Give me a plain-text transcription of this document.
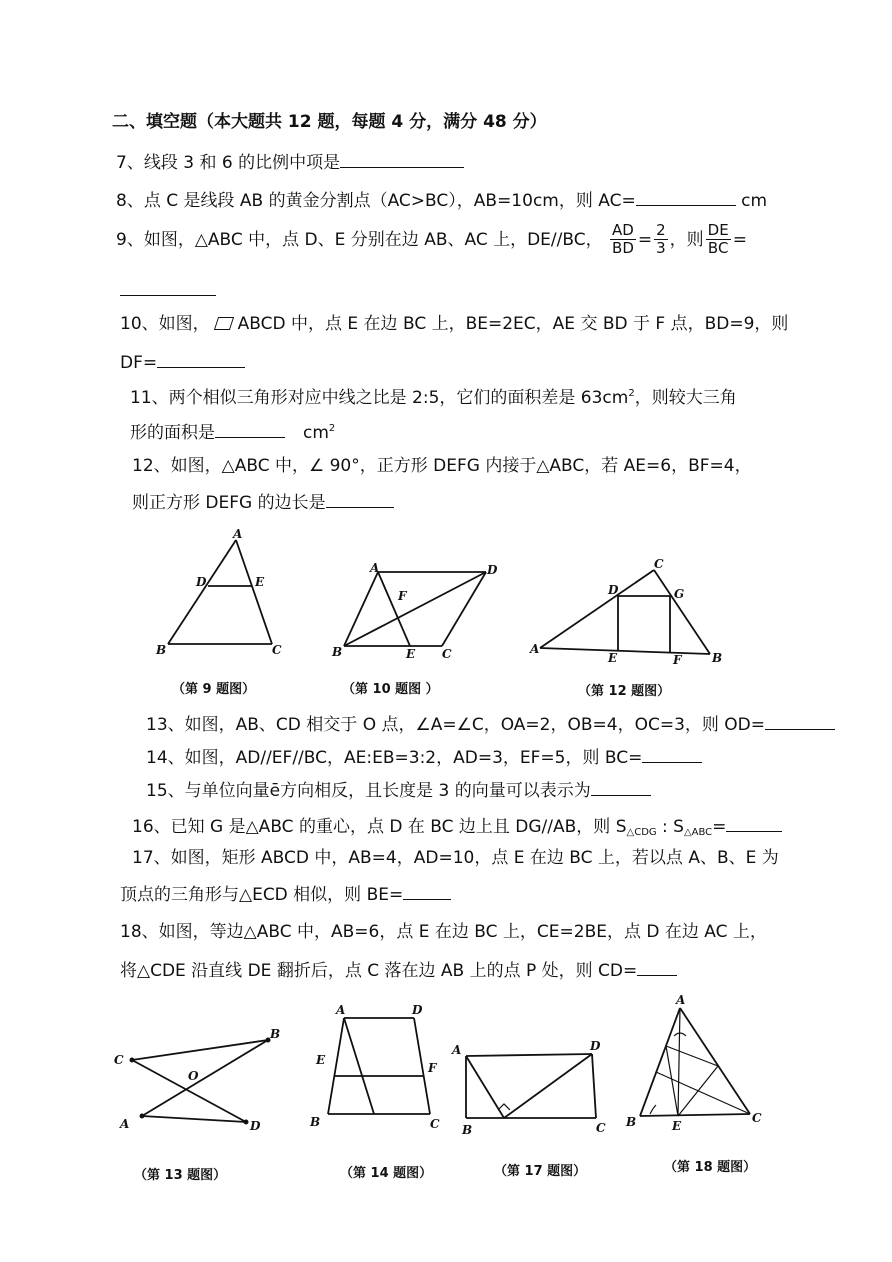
二、填空题（本大题共 12 题，每题 4 分，满分 48 分）
7、线段 3 和 6 的比例中项是
8、点 C 是线段 AB 的黄金分割点（AC>BC），AB=10cm，则 AC=	cm
9、如图，△ABC 中，点 D、E 分别在边 AB、AC 上，DE//BC， $\frac{AD}{BD} = \frac{2}{3}$ ，则 $\frac{DE}{BC}$ =
10、如图， ABCD 中，点 E 在边 BC 上，BE=2EC，AE 交 BD 于 F 点，BD=9，则
DF=
11、两个相似三角形对应中线之比是 2:5，它们的面积差是 $63cm^2$，则较大三角
形的面积是	$cm^2$
12、如图，△ABC 中，∠ 90°，正方形 DEFG 内接于△ABC，若 AE=6，BF=4，
则正方形 DEFG 的边长是
A
B	C
D	E
（第 9 题图）
A
B	C
D
E
F
（第 10 题图 ）
C
D	G
A
E	F	B
（第 12 题图）
13、如图，AB、CD 相交于 O 点，∠A=∠C，OA=2，OB=4，OC=3，则 OD=
14、如图，AD//EF//BC，AE:EB=3:2，AD=3，EF=5，则 BC=
15、与单位向量ē方向相反，且长度是 3 的向量可以表示为
16、已知 G 是△ABC 的重心，点 D 在 BC 边上且 DG//AB，则 $S_{\triangle CDG}$ : $S_{\triangle ABC}=$
17、如图，矩形 ABCD 中，AB=4，AD=10，点 E 在边 BC 上，若以点 A、B、E 为
顶点的三角形与△ECD 相似，则 BE=
18、如图，等边△ABC 中，AB=6，点 E 在边 BC 上，CE=2BE，点 D 在边 AC 上，
将△CDE 沿直线 DE 翻折后，点 C 落在边 AB 上的点 P 处，则 CD=
C
B
A	D
O
（第 13 题图）
A	D
E
F
B	C
（第 14 题图）
A	D
B	C
（第 17 题图）
A
B	C
E
（第 18 题图）
